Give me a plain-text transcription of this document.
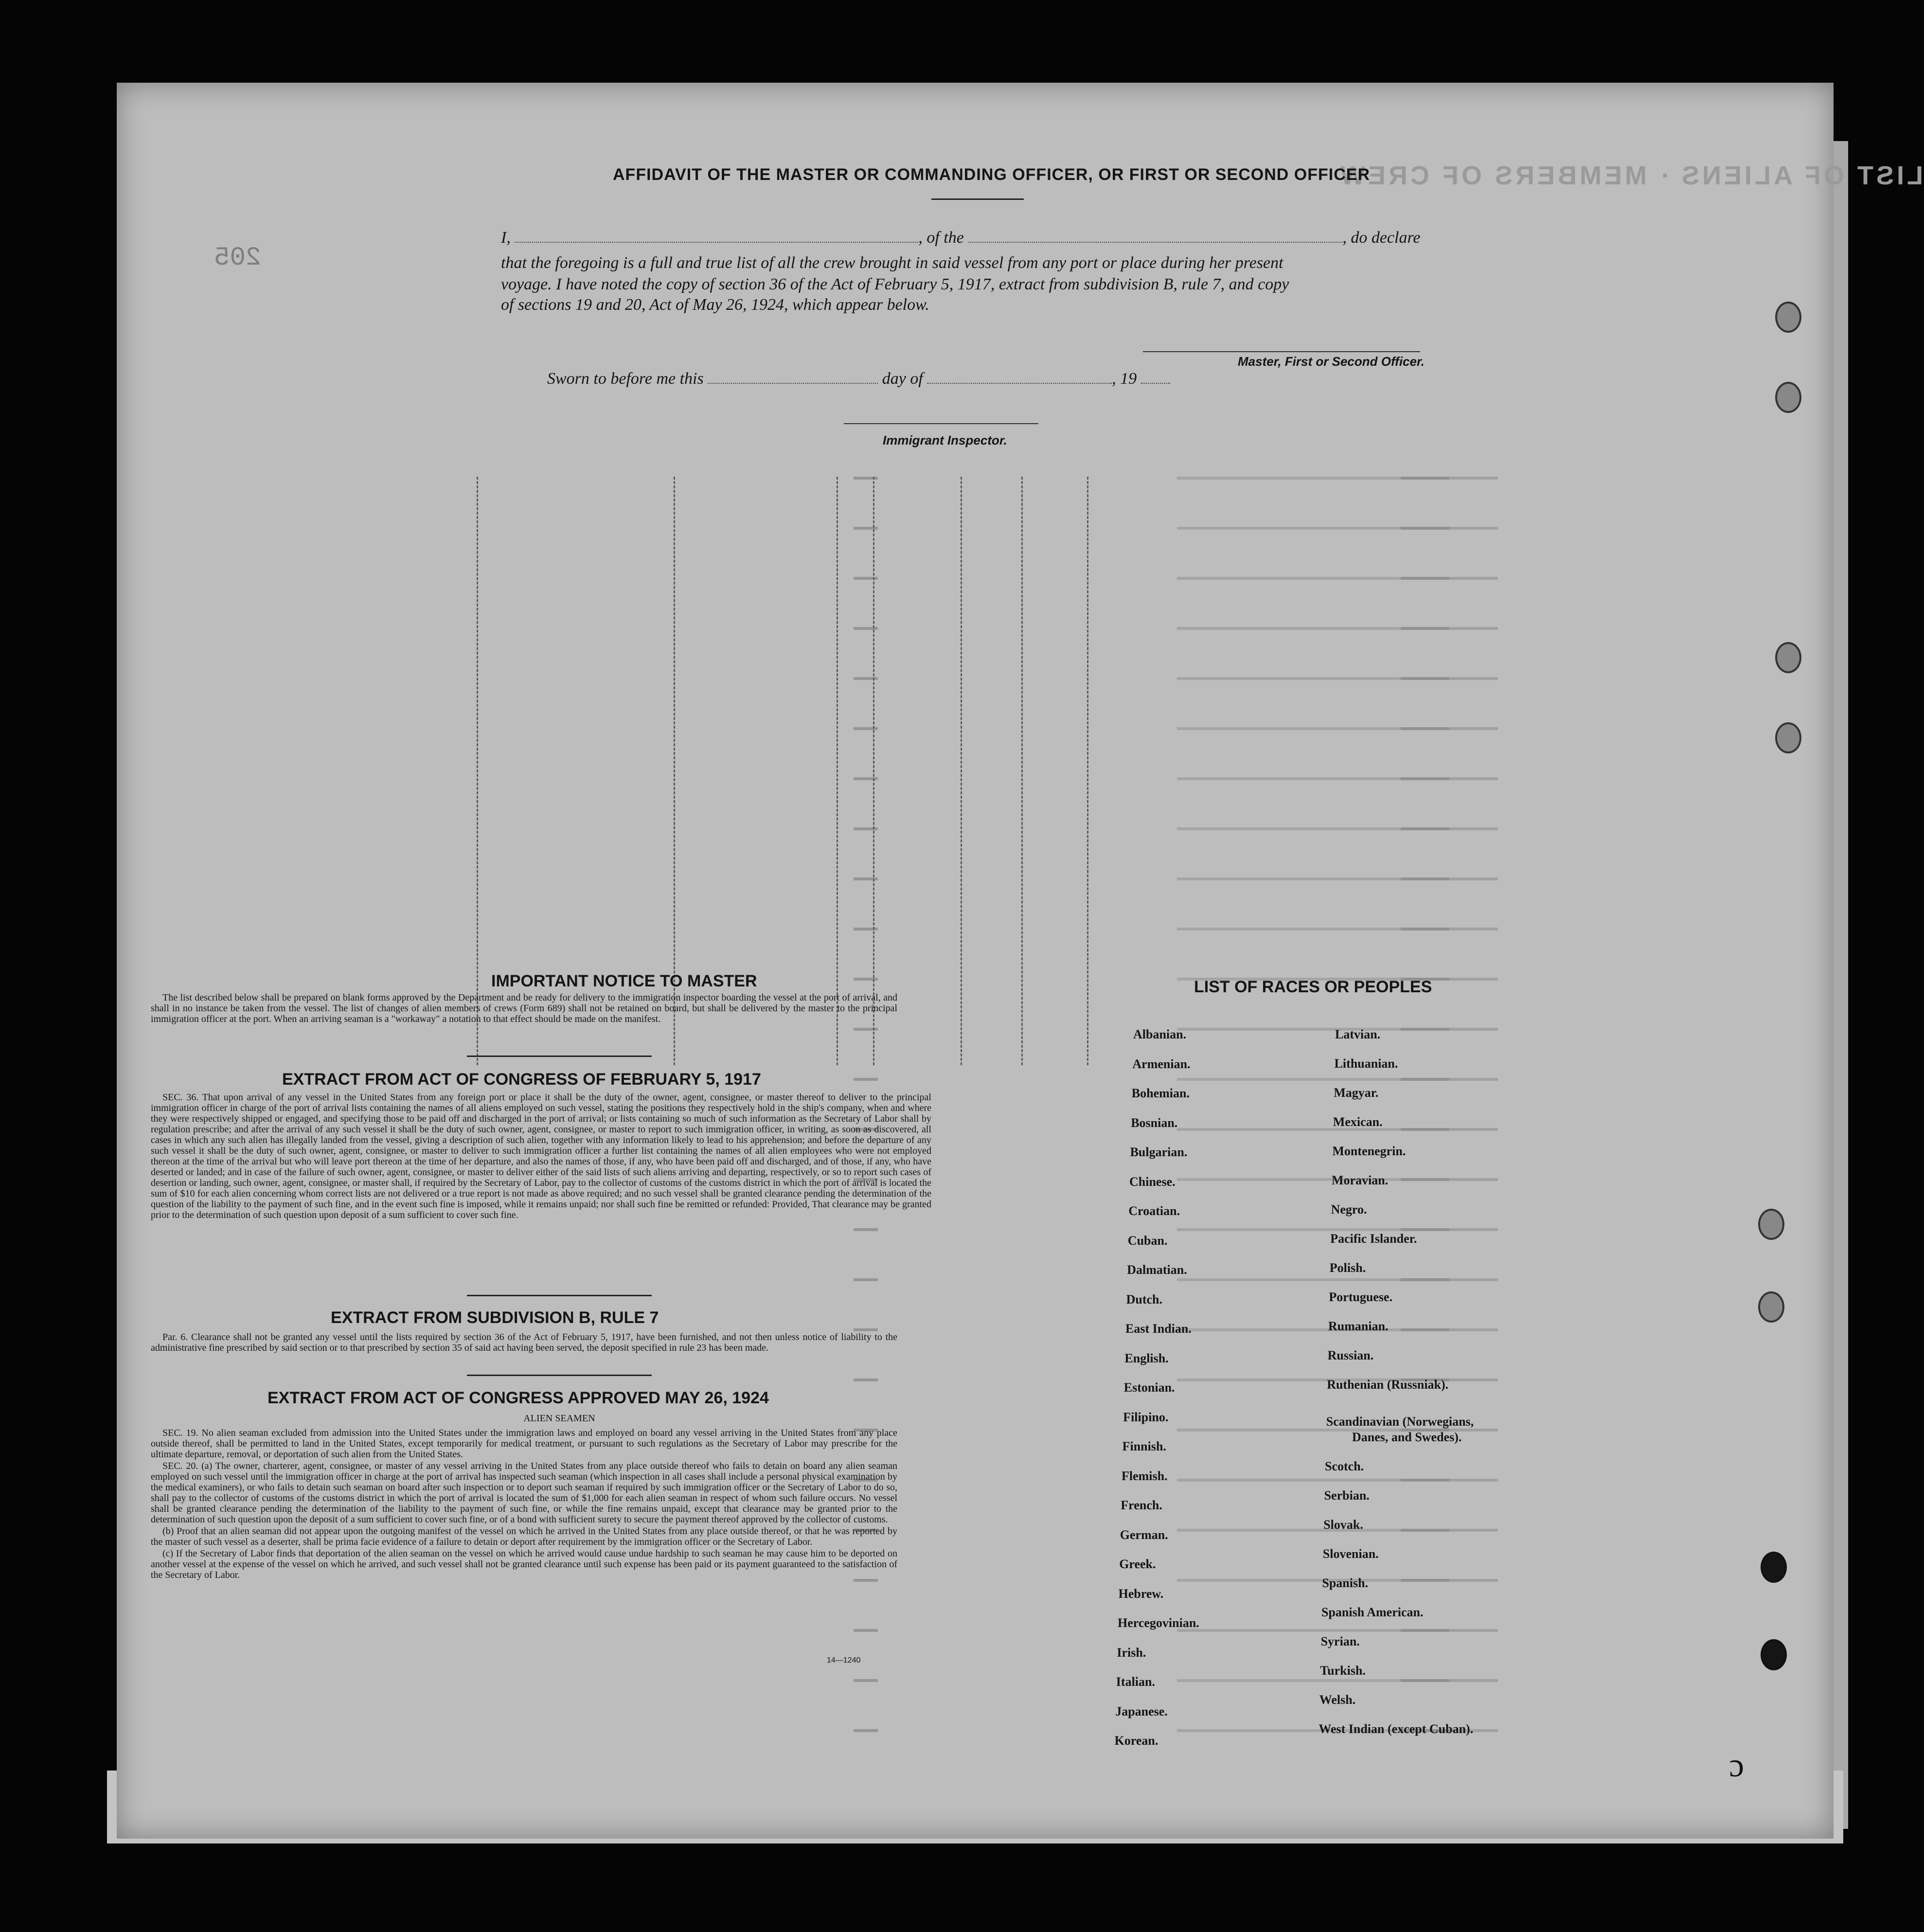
LIST OF ALIENS · MEMBERS OF CREW
205
ɔ
AFFIDAVIT OF THE MASTER OR COMMANDING OFFICER, OR FIRST OR SECOND OFFICER
I,	, of the	, do declare
that the foregoing is a full and true list of all the crew brought in said vessel from any port or place during her present
voyage. I have noted the copy of section 36 of the Act of February 5, 1917, extract from subdivision B, rule 7, and copy
of sections 19 and 20, Act of May 26, 1924, which appear below.
Master, First or Second Officer.
Sworn to before me this	day of	, 19
Immigrant Inspector.
IMPORTANT NOTICE TO MASTER

The list described below shall be prepared on blank forms approved by the Department and be ready for delivery to the immigration inspector boarding the vessel at the port of arrival, and shall in no instance be taken from the vessel. The list of changes of alien members of crews (Form 689) shall not be retained on board, but shall be delivered by the master to the principal immigration officer at the port. When an arriving seaman is a "workaway" a notation to that effect should be made on the manifest.

EXTRACT FROM ACT OF CONGRESS OF FEBRUARY 5, 1917

SEC. 36. That upon arrival of any vessel in the United States from any foreign port or place it shall be the duty of the owner, agent, consignee, or master thereof to deliver to the principal immigration officer in charge of the port of arrival lists containing the names of all aliens employed on such vessel, stating the positions they respectively hold in the ship's company, when and where they were respectively shipped or engaged, and specifying those to be paid off and discharged in the port of arrival; or lists containing so much of such information as the Secretary of Labor shall by regulation prescribe; and after the arrival of any such vessel it shall be the duty of such owner, agent, consignee, or master to report to such immigration officer, in writing, as soon as discovered, all cases in which any such alien has illegally landed from the vessel, giving a description of such alien, together with any information likely to lead to his apprehension; and before the departure of any such vessel it shall be the duty of such owner, agent, consignee, or master to deliver to such immigration officer a further list containing the names of all alien employees who were not employed thereon at the time of the arrival but who will leave port thereon at the time of her departure, and also the names of those, if any, who have been paid off and discharged, and of those, if any, who have deserted or landed; and in case of the failure of such owner, agent, consignee, or master to deliver either of the said lists of such aliens arriving and departing, respectively, or so to report such cases of desertion or landing, such owner, agent, consignee, or master shall, if required by the Secretary of Labor, pay to the collector of customs of the customs district in which the port of arrival is located the sum of $10 for each alien concerning whom correct lists are not delivered or a true report is not made as above required; and no such vessel shall be granted clearance pending the determination of the question of the liability to the payment of such fine, and in the event such fine is imposed, while it remains unpaid; nor shall such fine be remitted or refunded: Provided, That clearance may be granted prior to the determination of such question upon deposit of a sum sufficient to cover such fine.

EXTRACT FROM SUBDIVISION B, RULE 7

Par. 6. Clearance shall not be granted any vessel until the lists required by section 36 of the Act of February 5, 1917, have been furnished, and not then unless notice of liability to the administrative fine prescribed by said section or to that prescribed by section 35 of said act having been served, the deposit specified in rule 23 has been made.

EXTRACT FROM ACT OF CONGRESS APPROVED MAY 26, 1924
ALIEN SEAMEN

SEC. 19. No alien seaman excluded from admission into the United States under the immigration laws and employed on board any vessel arriving in the United States from any place outside thereof, shall be permitted to land in the United States, except temporarily for medical treatment, or pursuant to such regulations as the Secretary of Labor may prescribe for the ultimate departure, removal, or deportation of such alien from the United States.

SEC. 20. (a) The owner, charterer, agent, consignee, or master of any vessel arriving in the United States from any place outside thereof who fails to detain on board any alien seaman employed on such vessel until the immigration officer in charge at the port of arrival has inspected such seaman (which inspection in all cases shall include a personal physical examination by the medical examiners), or who fails to detain such seaman on board after such inspection or to deport such seaman if required by such immigration officer or the Secretary of Labor to do so, shall pay to the collector of customs of the customs district in which the port of arrival is located the sum of $1,000 for each alien seaman in respect of whom such failure occurs. No vessel shall be granted clearance pending the determination of the liability to the payment of such fine, or while the fine remains unpaid, except that clearance may be granted prior to the determination of such question upon the deposit of a sum sufficient to cover such fine, or of a bond with sufficient surety to secure the payment thereof approved by the collector of customs.

(b) Proof that an alien seaman did not appear upon the outgoing manifest of the vessel on which he arrived in the United States from any place outside thereof, or that he was reported by the master of such vessel as a deserter, shall be prima facie evidence of a failure to detain or deport after requirement by the immigration officer or the Secretary of Labor.

(c) If the Secretary of Labor finds that deportation of the alien seaman on the vessel on which he arrived would cause undue hardship to such seaman he may cause him to be deported on another vessel at the expense of the vessel on which he arrived, and such vessel shall not be granted clearance until such expense has been paid or its payment guaranteed to the satisfaction of the Secretary of Labor.

14—1240
LIST OF RACES OR PEOPLES
Albanian.
Armenian.
Bohemian.
Bosnian.
Bulgarian.
Chinese.
Croatian.
Cuban.
Dalmatian.
Dutch.
East Indian.
English.
Estonian.
Filipino.
Finnish.
Flemish.
French.
German.
Greek.
Hebrew.
Hercegovinian.
Irish.
Italian.
Japanese.
Korean.
Latvian.
Lithuanian.
Magyar.
Mexican.
Montenegrin.
Moravian.
Negro.
Pacific Islander.
Polish.
Portuguese.
Rumanian.
Russian.
Ruthenian (Russniak).
Scandinavian (Norwegians,
Danes, and Swedes).
Scotch.
Serbian.
Slovak.
Slovenian.
Spanish.
Spanish American.
Syrian.
Turkish.
Welsh.
West Indian (except Cuban).
